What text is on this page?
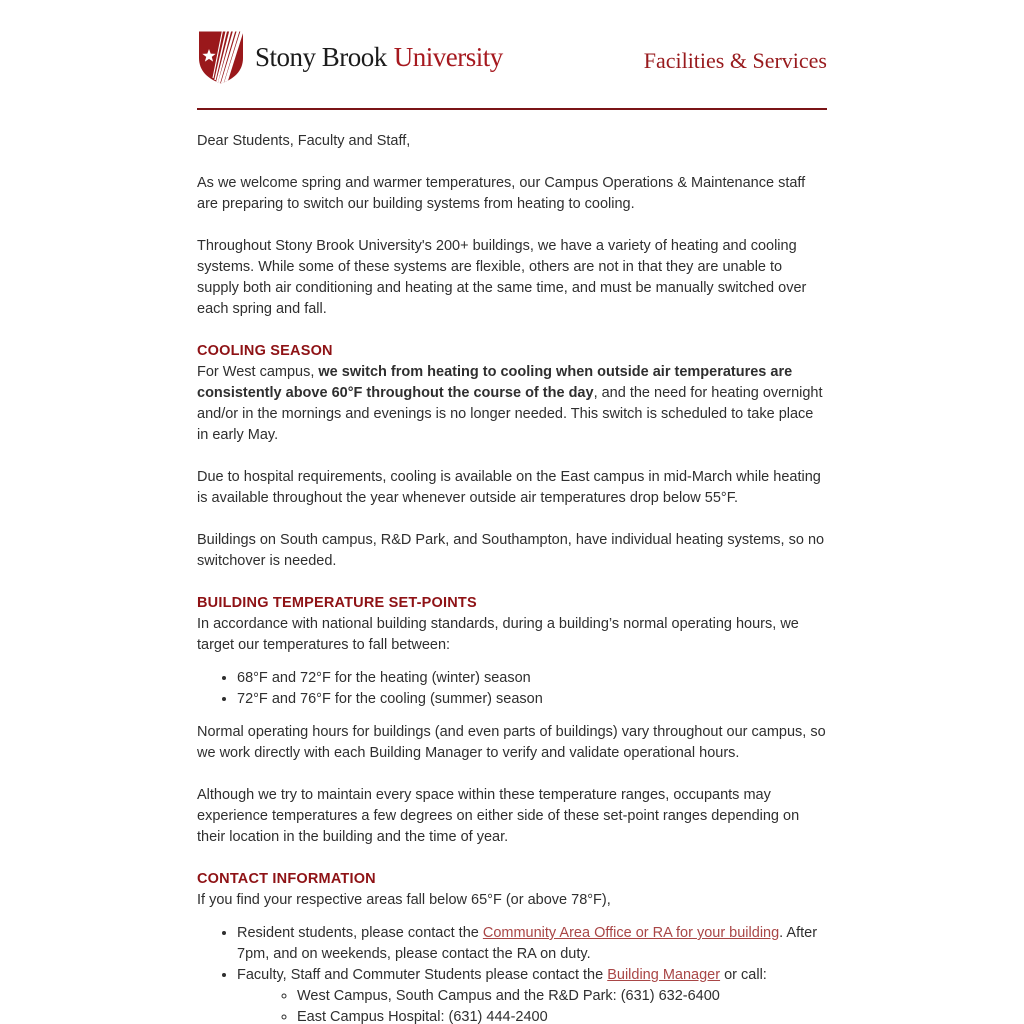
Stony Brook University	Facilities & Services

Dear Students, Faculty and Staff,

As we welcome spring and warmer temperatures, our Campus Operations & Maintenance staff are preparing to switch our building systems from heating to cooling.

Throughout Stony Brook University's 200+ buildings, we have a variety of heating and cooling systems. While some of these systems are flexible, others are not in that they are unable to supply both air conditioning and heating at the same time, and must be manually switched over each spring and fall.

COOLING SEASON

For West campus, we switch from heating to cooling when outside air temperatures are consistently above 60°F throughout the course of the day, and the need for heating overnight and/or in the mornings and evenings is no longer needed. This switch is scheduled to take place in early May.

Due to hospital requirements, cooling is available on the East campus in mid-March while heating is available throughout the year whenever outside air temperatures drop below 55°F.

Buildings on South campus, R&D Park, and Southampton, have individual heating systems, so no switchover is needed.

BUILDING TEMPERATURE SET-POINTS

In accordance with national building standards, during a building’s normal operating hours, we target our temperatures to fall between:

• 68°F and 72°F for the heating (winter) season
• 72°F and 76°F for the cooling (summer) season

Normal operating hours for buildings (and even parts of buildings) vary throughout our campus, so we work directly with each Building Manager to verify and validate operational hours.

Although we try to maintain every space within these temperature ranges, occupants may experience temperatures a few degrees on either side of these set-point ranges depending on their location in the building and the time of year.

CONTACT INFORMATION

If you find your respective areas fall below 65°F (or above 78°F),

• Resident students, please contact the Community Area Office or RA for your building. After 7pm, and on weekends, please contact the RA on duty.
• Faculty, Staff and Commuter Students please contact the Building Manager or call:
◦ West Campus, South Campus and the R&D Park: (631) 632-6400
◦ East Campus Hospital: (631) 444-2400
